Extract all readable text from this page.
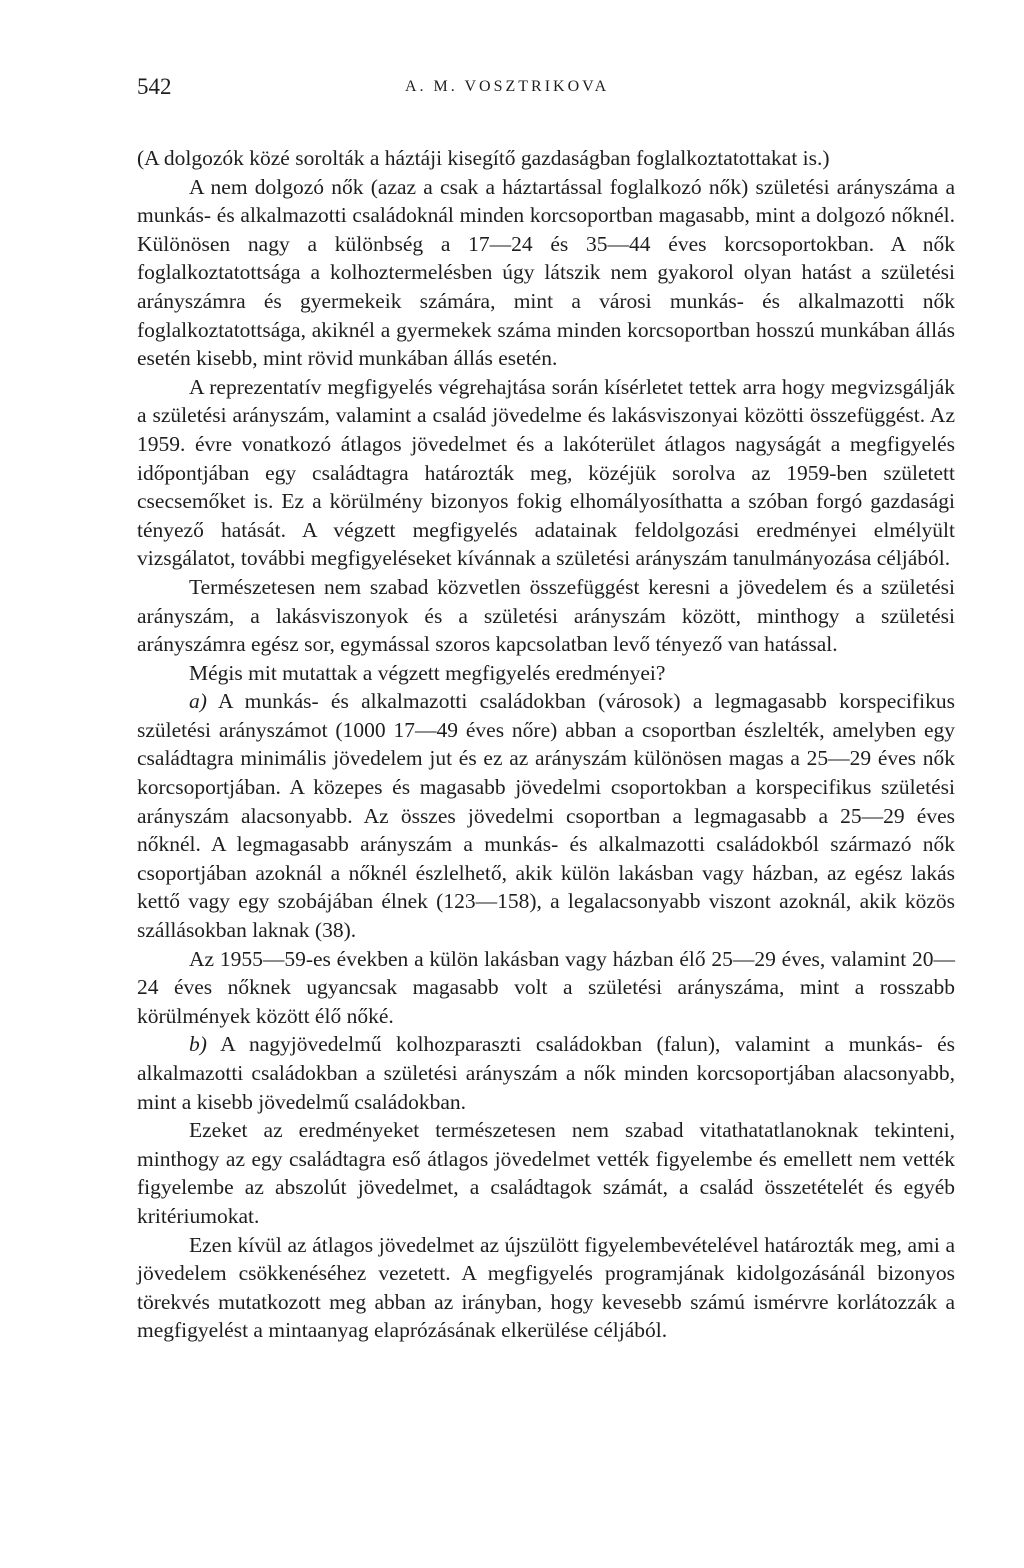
542	A. M. VOSZTRIKOVA

(A dolgozók közé sorolták a háztáji kisegítő gazdaságban foglalkoztatottakat is.)

A nem dolgozó nők (azaz a csak a háztartással foglalkozó nők) születési arányszáma a munkás- és alkalmazotti családoknál minden korcsoportban magasabb, mint a dolgozó nőknél. Különösen nagy a különbség a 17—24 és 35—44 éves korcsoportokban. A nők foglalkoztatottsága a kolhoztermelésben úgy látszik nem gyakorol olyan hatást a születési arányszámra és gyermekeik számára, mint a városi munkás- és alkalmazotti nők foglalkoztatottsága, akiknél a gyermekek száma minden korcsoportban hosszú munkában állás esetén kisebb, mint rövid munkában állás esetén.

A reprezentatív megfigyelés végrehajtása során kísérletet tettek arra hogy megvizsgálják a születési arányszám, valamint a család jövedelme és lakásviszonyai közötti összefüggést. Az 1959. évre vonatkozó átlagos jövedelmet és a lakóterület átlagos nagyságát a megfigyelés időpontjában egy családtagra határozták meg, közéjük sorolva az 1959-ben született csecsemőket is. Ez a körülmény bizonyos fokig elhomályosíthatta a szóban forgó gazdasági tényező hatását. A végzett megfigyelés adatainak feldolgozási eredményei elmélyült vizsgálatot, további megfigyeléseket kívánnak a születési arányszám tanulmányozása céljából.

Természetesen nem szabad közvetlen összefüggést keresni a jövedelem és a születési arányszám, a lakásviszonyok és a születési arányszám között, minthogy a születési arányszámra egész sor, egymással szoros kapcsolatban levő tényező van hatással.

Mégis mit mutattak a végzett megfigyelés eredményei?

a) A munkás- és alkalmazotti családokban (városok) a legmagasabb korspecifikus születési arányszámot (1000 17—49 éves nőre) abban a csoportban észlelték, amelyben egy családtagra minimális jövedelem jut és ez az arányszám különösen magas a 25—29 éves nők korcsoportjában. A közepes és magasabb jövedelmi csoportokban a korspecifikus születési arányszám alacsonyabb. Az összes jövedelmi csoportban a legmagasabb a 25—29 éves nőknél. A legmagasabb arányszám a munkás- és alkalmazotti családokból származó nők csoportjában azoknál a nőknél észlelhető, akik külön lakásban vagy házban, az egész lakás kettő vagy egy szobájában élnek (123—158), a legalacsonyabb viszont azoknál, akik közös szállásokban laknak (38).

Az 1955—59-es években a külön lakásban vagy házban élő 25—29 éves, valamint 20—24 éves nőknek ugyancsak magasabb volt a születési arányszáma, mint a rosszabb körülmények között élő nőké.

b) A nagyjövedelmű kolhozparaszti családokban (falun), valamint a munkás- és alkalmazotti családokban a születési arányszám a nők minden korcsoportjában alacsonyabb, mint a kisebb jövedelmű családokban.

Ezeket az eredményeket természetesen nem szabad vitathatatlanoknak tekinteni, minthogy az egy családtagra eső átlagos jövedelmet vették figyelembe és emellett nem vették figyelembe az abszolút jövedelmet, a családtagok számát, a család összetételét és egyéb kritériumokat.

Ezen kívül az átlagos jövedelmet az újszülött figyelembevételével határozták meg, ami a jövedelem csökkenéséhez vezetett. A megfigyelés programjának kidolgozásánál bizonyos törekvés mutatkozott meg abban az irányban, hogy kevesebb számú ismérvre korlátozzák a megfigyelést a mintaanyag elaprózásának elkerülése céljából.
